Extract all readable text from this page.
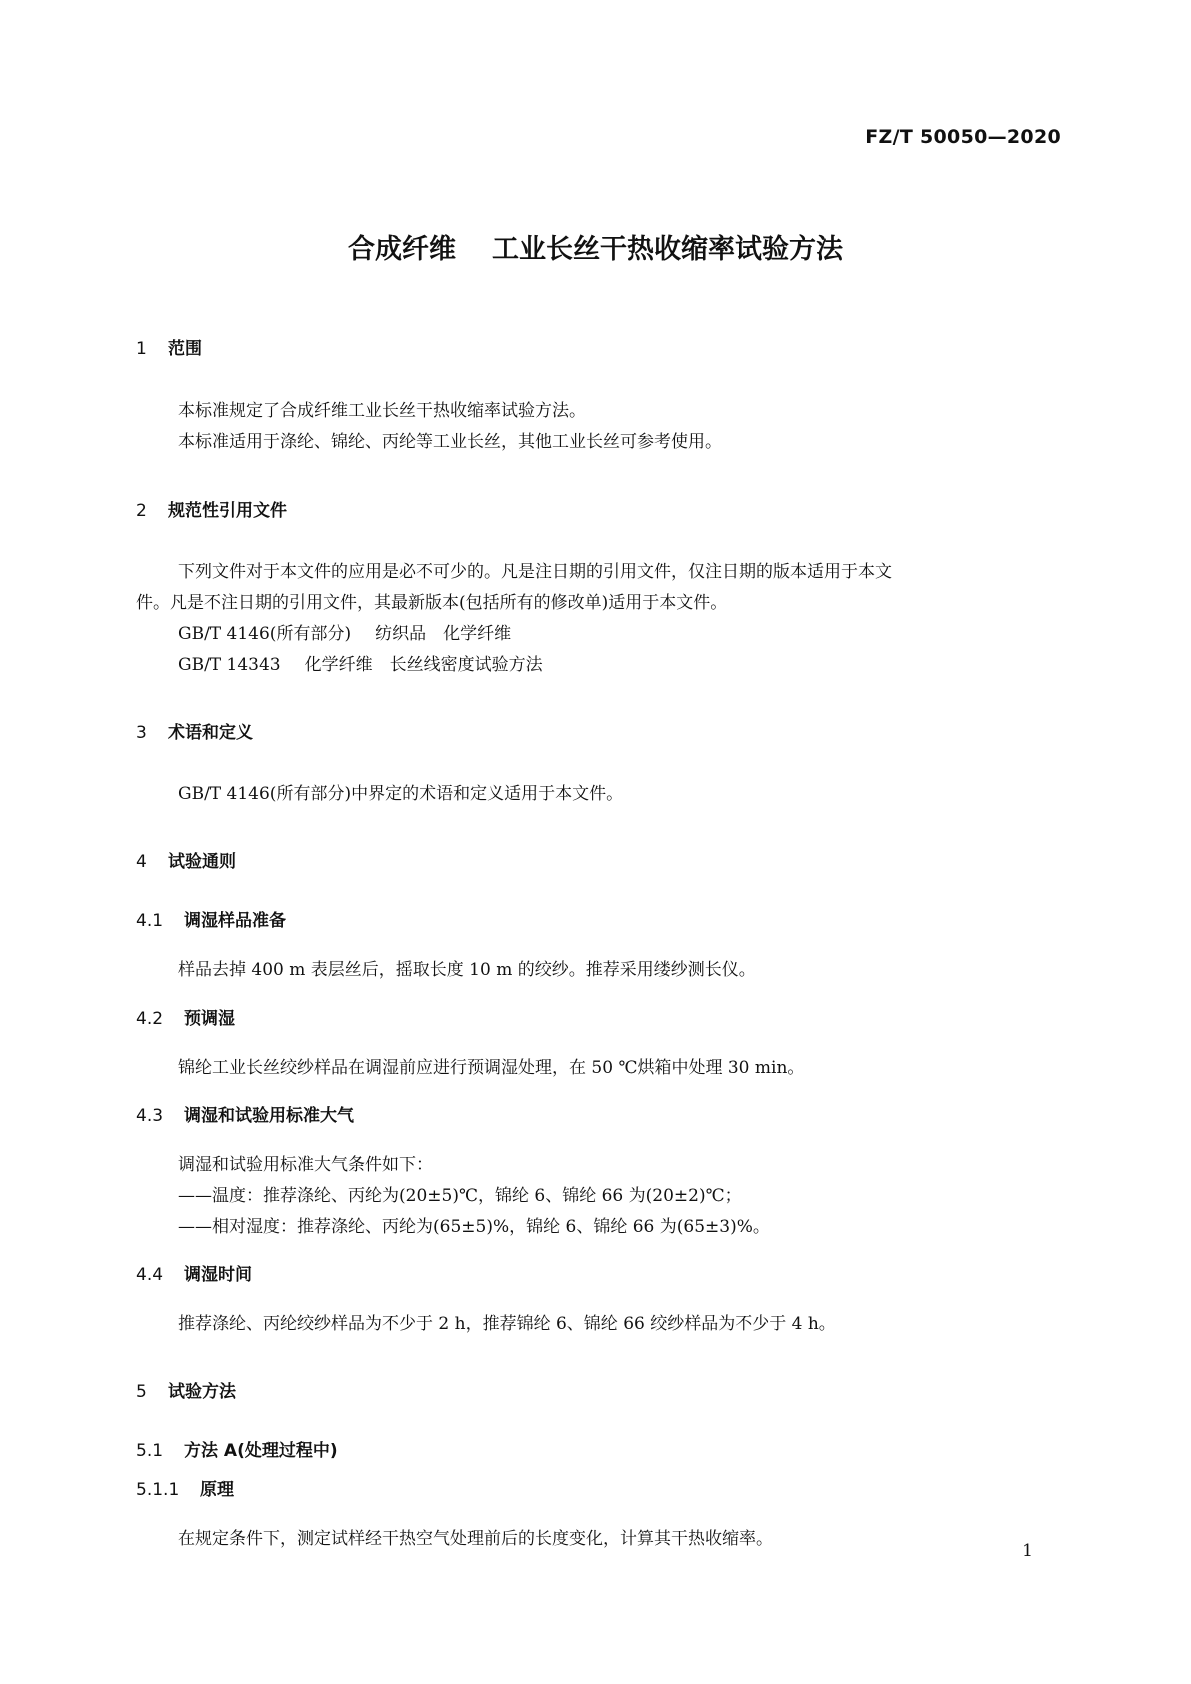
FZ/T 50050—2020
合成纤维 工业长丝干热收缩率试验方法
1 范围
本标准规定了合成纤维工业长丝干热收缩率试验方法。
本标准适用于涤纶、锦纶、丙纶等工业长丝，其他工业长丝可参考使用。
2 规范性引用文件
下列文件对于本文件的应用是必不可少的。凡是注日期的引用文件，仅注日期的版本适用于本文
件。凡是不注日期的引用文件，其最新版本(包括所有的修改单)适用于本文件。
GB/T 4146(所有部分) 纺织品　化学纤维
GB/T 14343 化学纤维　长丝线密度试验方法
3 术语和定义
GB/T 4146(所有部分)中界定的术语和定义适用于本文件。
4 试验通则
4.1 调湿样品准备
样品去掉 400 m 表层丝后，摇取长度 10 m 的绞纱。推荐采用缕纱测长仪。
4.2 预调湿
锦纶工业长丝绞纱样品在调湿前应进行预调湿处理，在 50 ℃烘箱中处理 30 min。
4.3 调湿和试验用标准大气
调湿和试验用标准大气条件如下：
——温度：推荐涤纶、丙纶为(20±5)℃，锦纶 6、锦纶 66 为(20±2)℃；
——相对湿度：推荐涤纶、丙纶为(65±5)%，锦纶 6、锦纶 66 为(65±3)%。
4.4 调湿时间
推荐涤纶、丙纶绞纱样品为不少于 2 h，推荐锦纶 6、锦纶 66 绞纱样品为不少于 4 h。
5 试验方法
5.1 方法 A(处理过程中)
5.1.1 原理
在规定条件下，测定试样经干热空气处理前后的长度变化，计算其干热收缩率。
1
